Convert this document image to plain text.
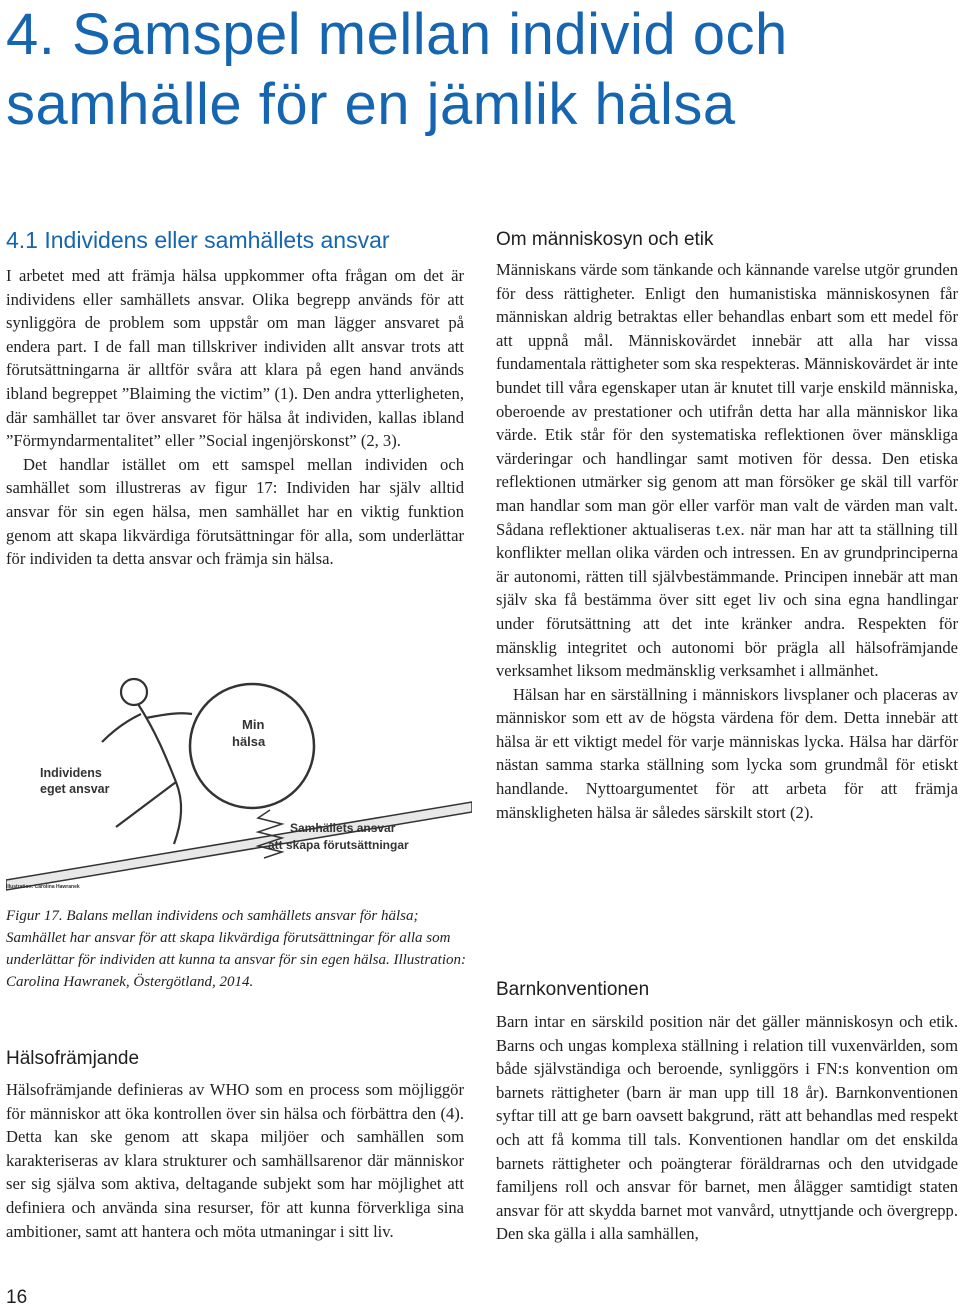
4. Samspel mellan individ och samhälle för en jämlik hälsa
4.1 Individens eller samhällets ansvar

I arbetet med att främja hälsa uppkommer ofta frågan om det är individens eller samhällets ansvar. Olika begrepp används för att synliggöra de problem som uppstår om man lägger ansvaret på endera part. I de fall man tillskriver individen allt ansvar trots att förutsättningarna är alltför svåra att klara på egen hand används ibland begreppet ”Blaiming the victim” (1). Den andra ytterligheten, där samhället tar över ansvaret för hälsa åt individen, kallas ibland ”Förmyndarmentalitet” eller ”Social ingenjörskonst” (2, 3).

Det handlar istället om ett samspel mellan individen och samhället som illustreras av figur 17: Individen har själv alltid ansvar för sin egen hälsa, men samhället har en viktig funktion genom att skapa likvärdiga förutsättningar för alla, som underlättar för individen ta detta ansvar och främja sin hälsa.

Min
hälsa
Individens
eget ansvar
Samhällets ansvar
att skapa förutsättningar
Illustration: Carolina Hawranek
Figur 17. Balans mellan individens och samhällets ansvar för hälsa; Samhället har ansvar för att skapa likvärdiga förutsättningar för alla som underlättar för individen att kunna ta ansvar för sin egen hälsa. Illustration: Carolina Hawranek, Östergötland, 2014.
Hälsofrämjande

Hälsofrämjande definieras av WHO som en process som möjliggör för människor att öka kontrollen över sin hälsa och förbättra den (4). Detta kan ske genom att skapa miljöer och samhällen som karakteriseras av klara strukturer och samhällsarenor där människor ser sig själva som aktiva, deltagande subjekt som har möjlighet att definiera och använda sina resurser, för att kunna förverkliga sina ambitioner, samt att hantera och möta utmaningar i sitt liv.

Om människosyn och etik

Människans värde som tänkande och kännande varelse utgör grunden för dess rättigheter. Enligt den humanistiska människosynen får människan aldrig betraktas eller behandlas enbart som ett medel för att uppnå mål. Människovärdet innebär att alla har vissa fundamentala rättigheter som ska respekteras. Människovärdet är inte bundet till våra egenskaper utan är knutet till varje enskild människa, oberoende av prestationer och utifrån detta har alla människor lika värde. Etik står för den systematiska reflektionen över mänskliga värderingar och handlingar samt motiven för dessa. Den etiska reflektionen utmärker sig genom att man försöker ge skäl till varför man handlar som man gör eller varför man valt de värden man valt. Sådana reflektioner aktualiseras t.ex. när man har att ta ställning till konflikter mellan olika värden och intressen. En av grundprinciperna är autonomi, rätten till självbestämmande. Principen innebär att man själv ska få bestämma över sitt eget liv och sina egna handlingar under förutsättning att det inte kränker andra. Respekten för mänsklig integritet och autonomi bör prägla all hälsofrämjande verksamhet liksom medmänsklig verksamhet i allmänhet.

Hälsan har en särställning i människors livsplaner och placeras av människor som ett av de högsta värdena för dem. Detta innebär att hälsa är ett viktigt medel för varje människas lycka. Hälsa har därför nästan samma starka ställning som lycka som grundmål för etiskt handlande. Nyttoargumentet för att arbeta för att främja mänskligheten hälsa är således särskilt stort (2).

Barnkonventionen

Barn intar en särskild position när det gäller människosyn och etik. Barns och ungas komplexa ställning i relation till vuxenvärlden, som både självständiga och beroende, synliggörs i FN:s konvention om barnets rättigheter (barn är man upp till 18 år). Barnkonventionen syftar till att ge barn oavsett bakgrund, rätt att behandlas med respekt och att få komma till tals. Konventionen handlar om det enskilda barnets rättigheter och poängterar föräldrarnas och den utvidgade familjens roll och ansvar för barnet, men ålägger samtidigt staten ansvar för att skydda barnet mot vanvård, utnyttjande och övergrepp. Den ska gälla i alla samhällen,

16
